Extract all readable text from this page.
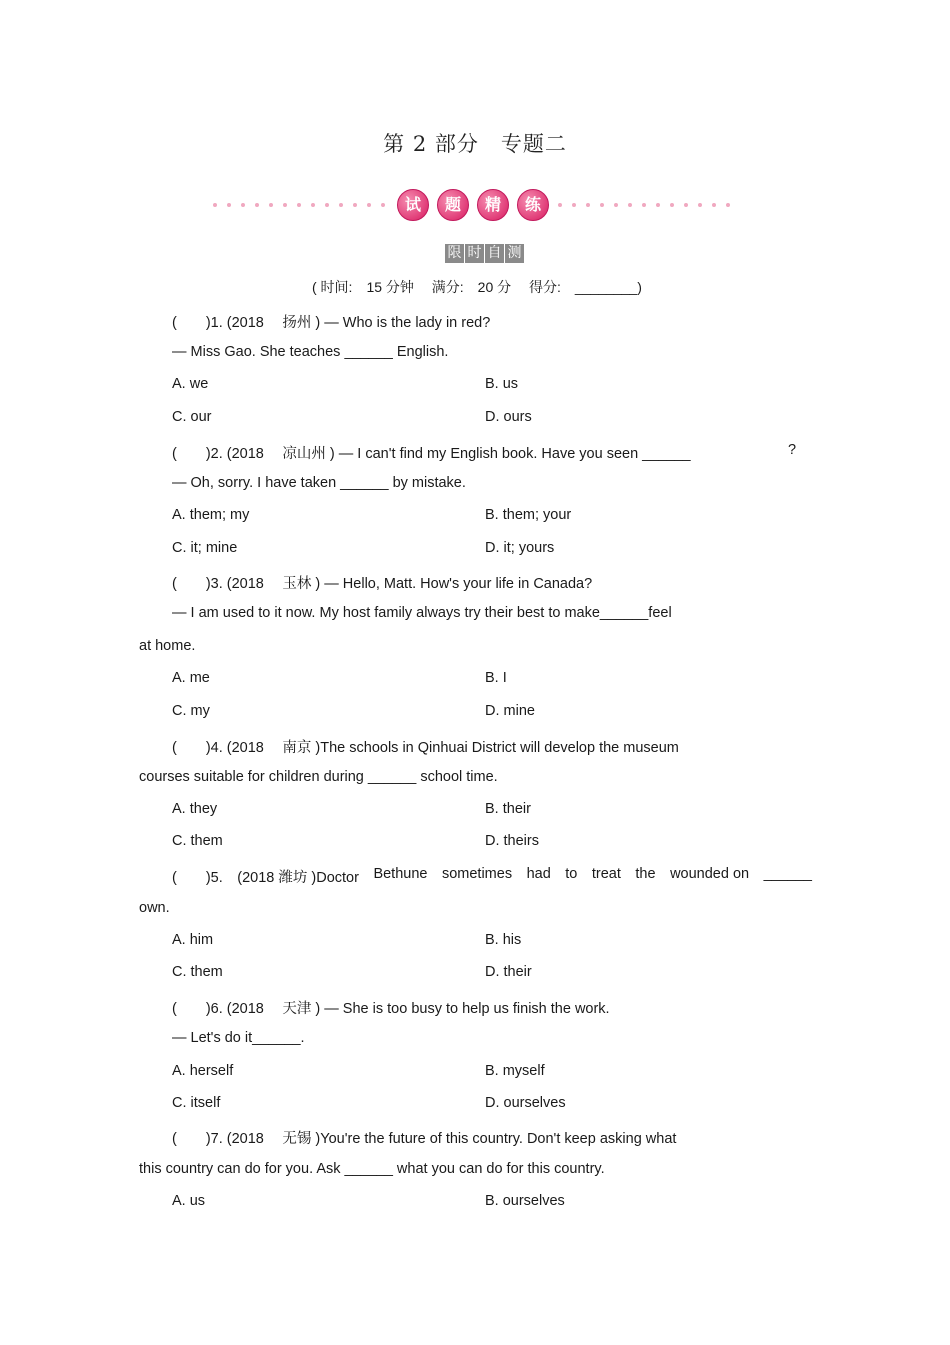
第 2 部分　专题二
试	题	精	练
限 时 自 测
( 时间:　15 分钟　 满分:　20 分　 得分:　________)
(　　)1. (2018　 扬州 ) — Who is the lady in red?
— Miss Gao. She teaches ______ English.
A. we	B. us
C. our	D. ours
(　　)2. (2018　 凉山州 ) — I can't find my English book. Have you seen ______	?
— Oh, sorry. I have taken ______ by mistake.
A. them; my	B. them; your
C. it; mine	D. it; yours
(　　)3. (2018　 玉林 ) — Hello, Matt. How's your life in Canada?
— I am used to it now. My host family always try their best to make______feel
at home.
A. me	B. I
C. my	D. mine
(　　)4. (2018　 南京 )The schools in Qinhuai District will develop the museum
courses suitable for children during ______ school time.
A. they	B. their
C. them	D. theirs
(　　)5. (2018 潍坊 )Doctor Bethune sometimes had to treat the wounded on ______
own.
A. him	B. his
C. them	D. their
(　　)6. (2018　 天津 ) — She is too busy to help us finish the work.
— Let's do it______.
A. herself	B. myself
C. itself	D. ourselves
(　　)7. (2018　 无锡 )You're the future of this country. Don't keep asking what
this country can do for you. Ask ______ what you can do for this country.
A. us	B. ourselves
